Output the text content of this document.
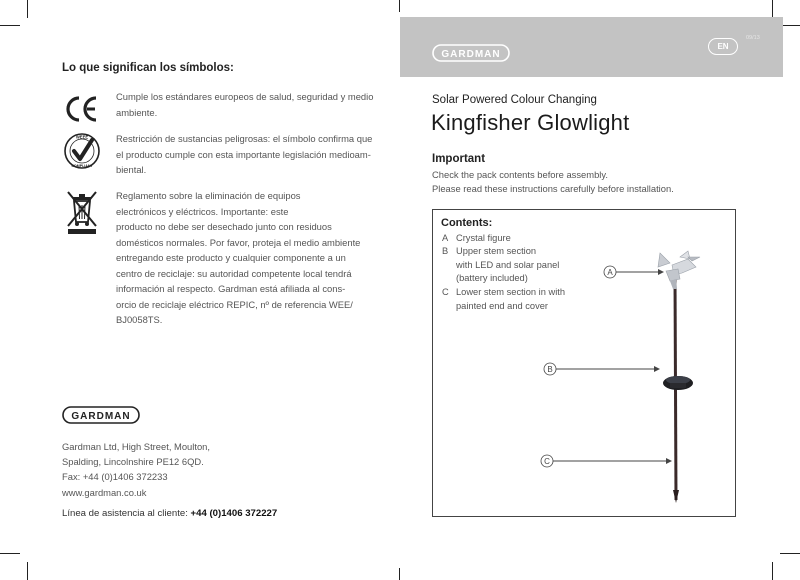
Lo que significan los símbolos:
Cumple los estándares europeos de salud, seguridad y medio
ambiente.
WEEE
COMPLIANT
Restricción de sustancias peligrosas: el símbolo confirma que
el producto cumple con esta importante legislación medioam-
biental.
Reglamento sobre la eliminación de equipos
electrónicos y eléctricos. Importante: este
producto no debe ser desechado junto con residuos
domésticos normales. Por favor, proteja el medio ambiente
entregando este producto y cualquier componente a un
centro de reciclaje: su autoridad competente local tendrá
información al respecto. Gardman está afiliada al cons-
orcio de reciclaje eléctrico REPIC, nº de referencia WEE/
BJ0058TS.
GARDMAN
Gardman Ltd, High Street, Moulton,
Spalding, Lincolnshire PE12 6QD.
Fax: +44 (0)1406 372233
www.gardman.co.uk
Línea de asistencia al cliente: +44 (0)1406 372227
GARDMAN
EN
09/13
Solar Powered Colour Changing
Kingfisher Glowlight
Important
Check the pack contents before assembly.
Please read these instructions carefully before installation.
Contents:
A Crystal figure
B Upper stem section
with LED and solar panel
(battery included)
C Lower stem section in with
painted end and cover
A
B
C
